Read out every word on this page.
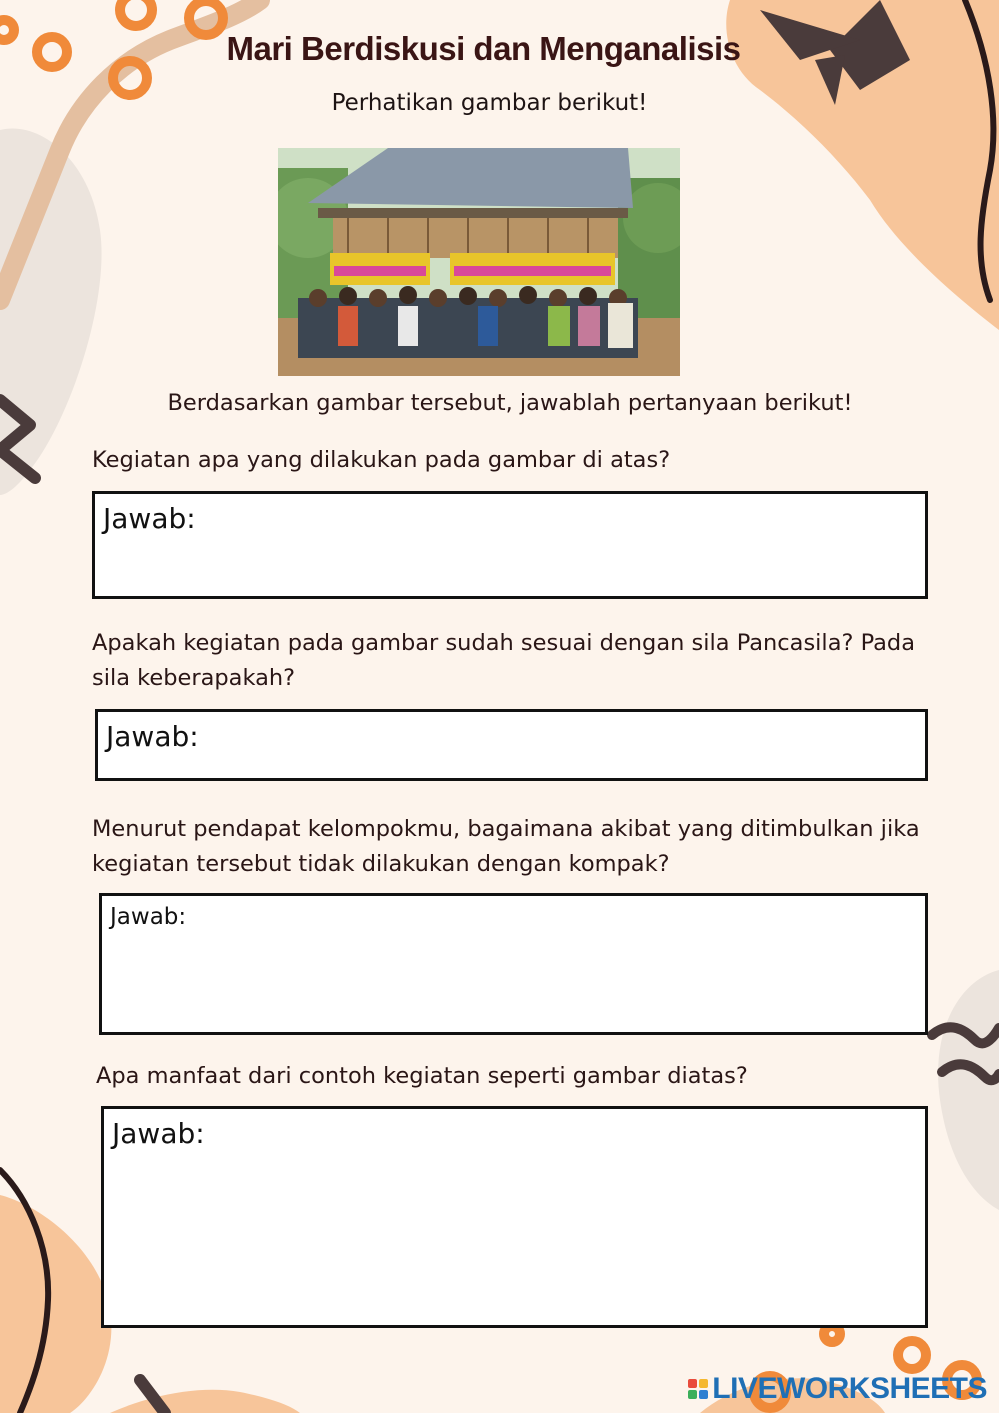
Mari Berdiskusi dan Menganalisis
Perhatikan gambar berikut!
Berdasarkan gambar tersebut, jawablah pertanyaan berikut!
Kegiatan apa yang dilakukan pada gambar di atas?
Jawab:
Apakah kegiatan pada gambar sudah sesuai dengan sila Pancasila? Pada sila keberapakah?
Jawab:
Menurut pendapat kelompokmu, bagaimana akibat yang ditimbulkan jika kegiatan tersebut tidak dilakukan dengan kompak?
Jawab:
Apa manfaat dari contoh kegiatan seperti gambar diatas?
Jawab:
LIVEWORKSHEETS
